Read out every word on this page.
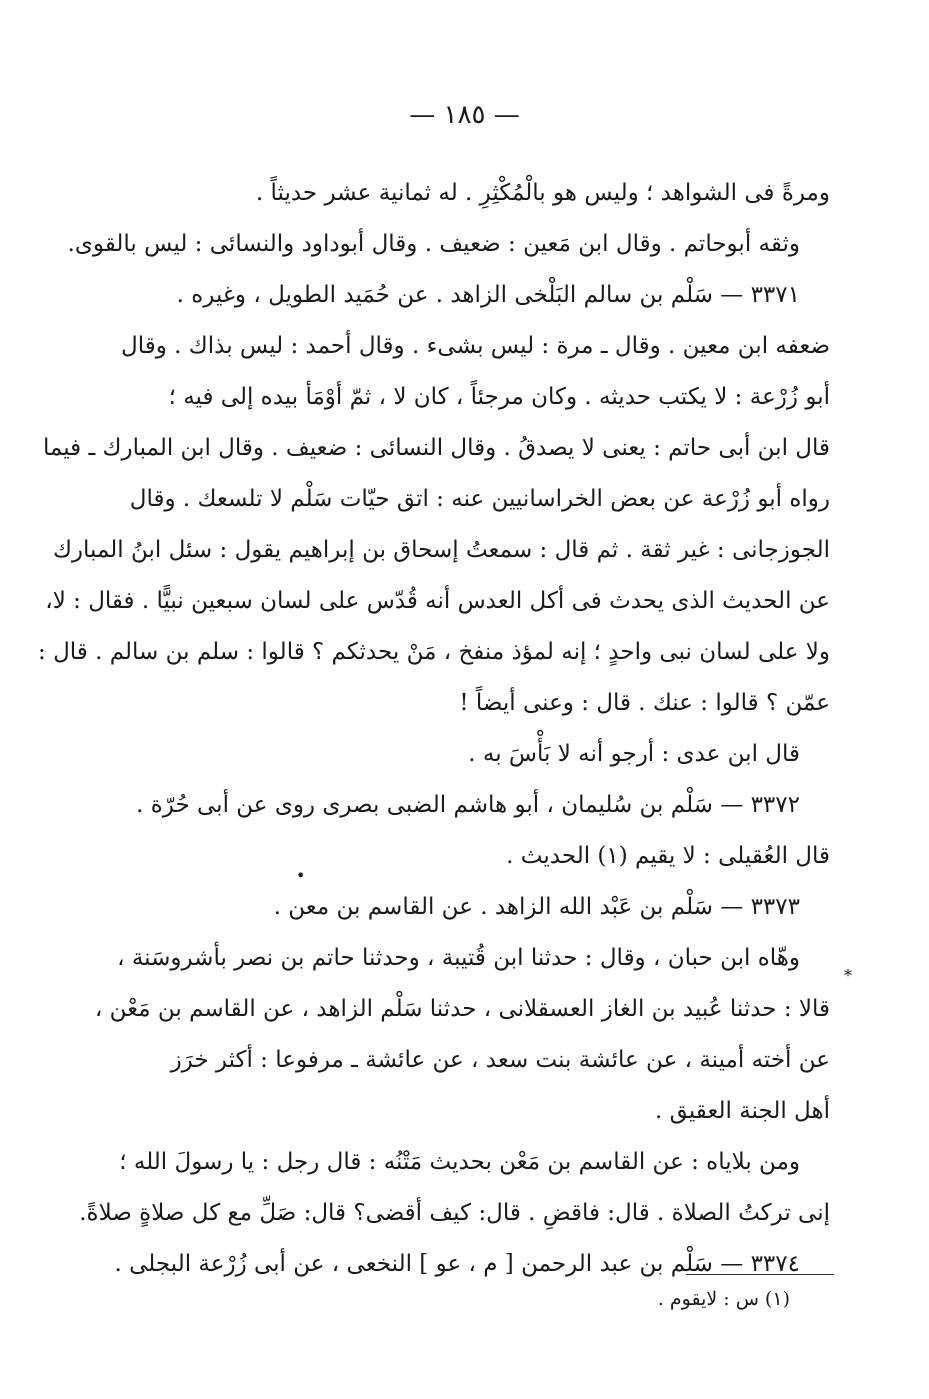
— ١٨٥ —
ومرةً فى الشواهد ؛ وليس هو بالْمُكْثِرِ . له ثمانية عشر حديثاً .
وثقه أبوحاتم . وقال ابن مَعين : ضعيف . وقال أبوداود والنسائى : ليس بالقوى.
٣٣٧١ — سَلْم بن سالم البَلْخى الزاهد . عن حُمَيد الطويل ، وغيره .
ضعفه ابن معين . وقال ـ مرة : ليس بشىء . وقال أحمد : ليس بذاك . وقال
أبو زُرْعة : لا يكتب حديثه . وكان مرجئاً ، كان لا ، ثمّ أوْمَأ بيده إلى فيه ؛
قال ابن أبى حاتم : يعنى لا يصدقُ . وقال النسائى : ضعيف . وقال ابن المبارك ـ فيما
رواه أبو زُرْعة عن بعض الخراسانيين عنه : اتق حيّات سَلْم لا تلسعك . وقال
الجوزجانى : غير ثقة . ثم قال : سمعتُ إسحاق بن إبراهيم يقول : سئل ابنُ المبارك
عن الحديث الذى يحدث فى أكل العدس أنه قُدّس على لسان سبعين نبيًّا . فقال : لا،
ولا على لسان نبى واحدٍ ؛ إنه لمؤذ منفخ ، مَنْ يحدثكم ؟ قالوا : سلم بن سالم . قال :
عمّن ؟ قالوا : عنك . قال : وعنى أيضاً !
قال ابن عدى : أرجو أنه لا بَأْسَ به .
٣٣٧٢ — سَلْم بن سُليمان ، أبو هاشم الضبى بصرى روى عن أبى حُرّة .
قال العُقيلى : لا يقيم (١) الحديث .
٣٣٧٣ — سَلْم بن عَبْد الله الزاهد . عن القاسم بن معن .
وهّاه ابن حبان ، وقال : حدثنا ابن قُتيبة ، وحدثنا حاتم بن نصر بأشروسَنة ،
قالا : حدثنا عُبيد بن الغاز العسقلانى ، حدثنا سَلْم الزاهد ، عن القاسم بن مَعْن ،
عن أخته أمينة ، عن عائشة بنت سعد ، عن عائشة ـ مرفوعا : أكثر خرَز
أهل الجنة العقيق .
ومن بلاياه : عن القاسم بن مَعْن بحديث مَتْنُه : قال رجل : يا رسولَ الله ؛
إنى تركتُ الصلاة . قال: فاقضِ . قال: كيف أقضى؟ قال: صَلِّ مع كل صلاةٍ صلاةً.
٣٣٧٤ — سَلْم بن عبد الرحمن [ م ، عو ] النخعى ، عن أبى زُرْعة البجلى .
•
*
(١) س : لايقوم .
